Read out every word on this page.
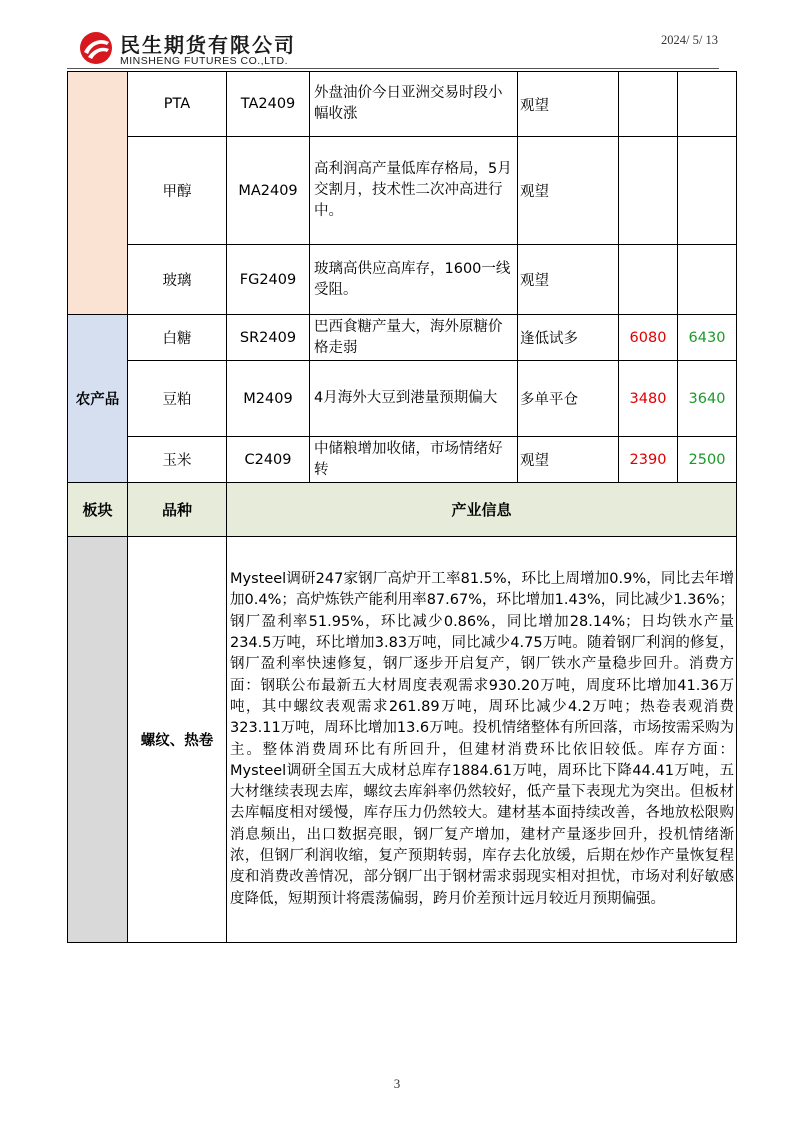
民生期货有限公司
MINSHENG FUTURES CO.,LTD.
2024/ 5/ 13
	PTA	TA2409	外盘油价今日亚洲交易时段小幅收涨	观望		
	甲醇	MA2409	高利润高产量低库存格局，5月交割月，技术性二次冲高进行中。	观望		
	玻璃	FG2409	玻璃高供应高库存，1600一线受阻。	观望		
农产品	白糖	SR2409	巴西食糖产量大，海外原糖价格走弱	逢低试多	6080	6430
	豆粕	M2409	4月海外大豆到港量预期偏大	多单平仓	3480	3640
	玉米	C2409	中储粮增加收储，市场情绪好转	观望	2390	2500
板块	品种	产业信息				
	螺纹、热卷	Mysteel调研247家钢厂高炉开工率81.5%，环比上周增加0.9%，同比去年增加0.4%；高炉炼铁产能利用率87.67%，环比增加1.43%，同比减少1.36%；钢厂盈利率51.95%，环比减少0.86%，同比增加28.14%；日均铁水产量 234.5万吨，环比增加3.83万吨，同比减少4.75万吨。随着钢厂利润的修复，钢厂盈利率快速修复，钢厂逐步开启复产，钢厂铁水产量稳步回升。消费方面：钢联公布最新五大材周度表观需求930.20万吨，周度环比增加41.36万吨，其中螺纹表观需求261.89万吨，周环比减少4.2万吨；热卷表观消费323.11万吨，周环比增加13.6万吨。投机情绪整体有所回落，市场按需采购为主。整体消费周环比有所回升，但建材消费环比依旧较低。库存方面：Mysteel调研全国五大成材总库存1884.61万吨，周环比下降44.41万吨，五大材继续表现去库，螺纹去库斜率仍然较好，低产量下表现尤为突出。但板材去库幅度相对缓慢，库存压力仍然较大。建材基本面持续改善，各地放松限购消息频出，出口数据亮眼，钢厂复产增加，建材产量逐步回升，投机情绪渐浓，但钢厂利润收缩，复产预期转弱，库存去化放缓，后期在炒作产量恢复程度和消费改善情况，部分钢厂出于钢材需求弱现实相对担忧，市场对利好敏感度降低，短期预计将震荡偏弱，跨月价差预计远月较近月预期偏强。				
3
